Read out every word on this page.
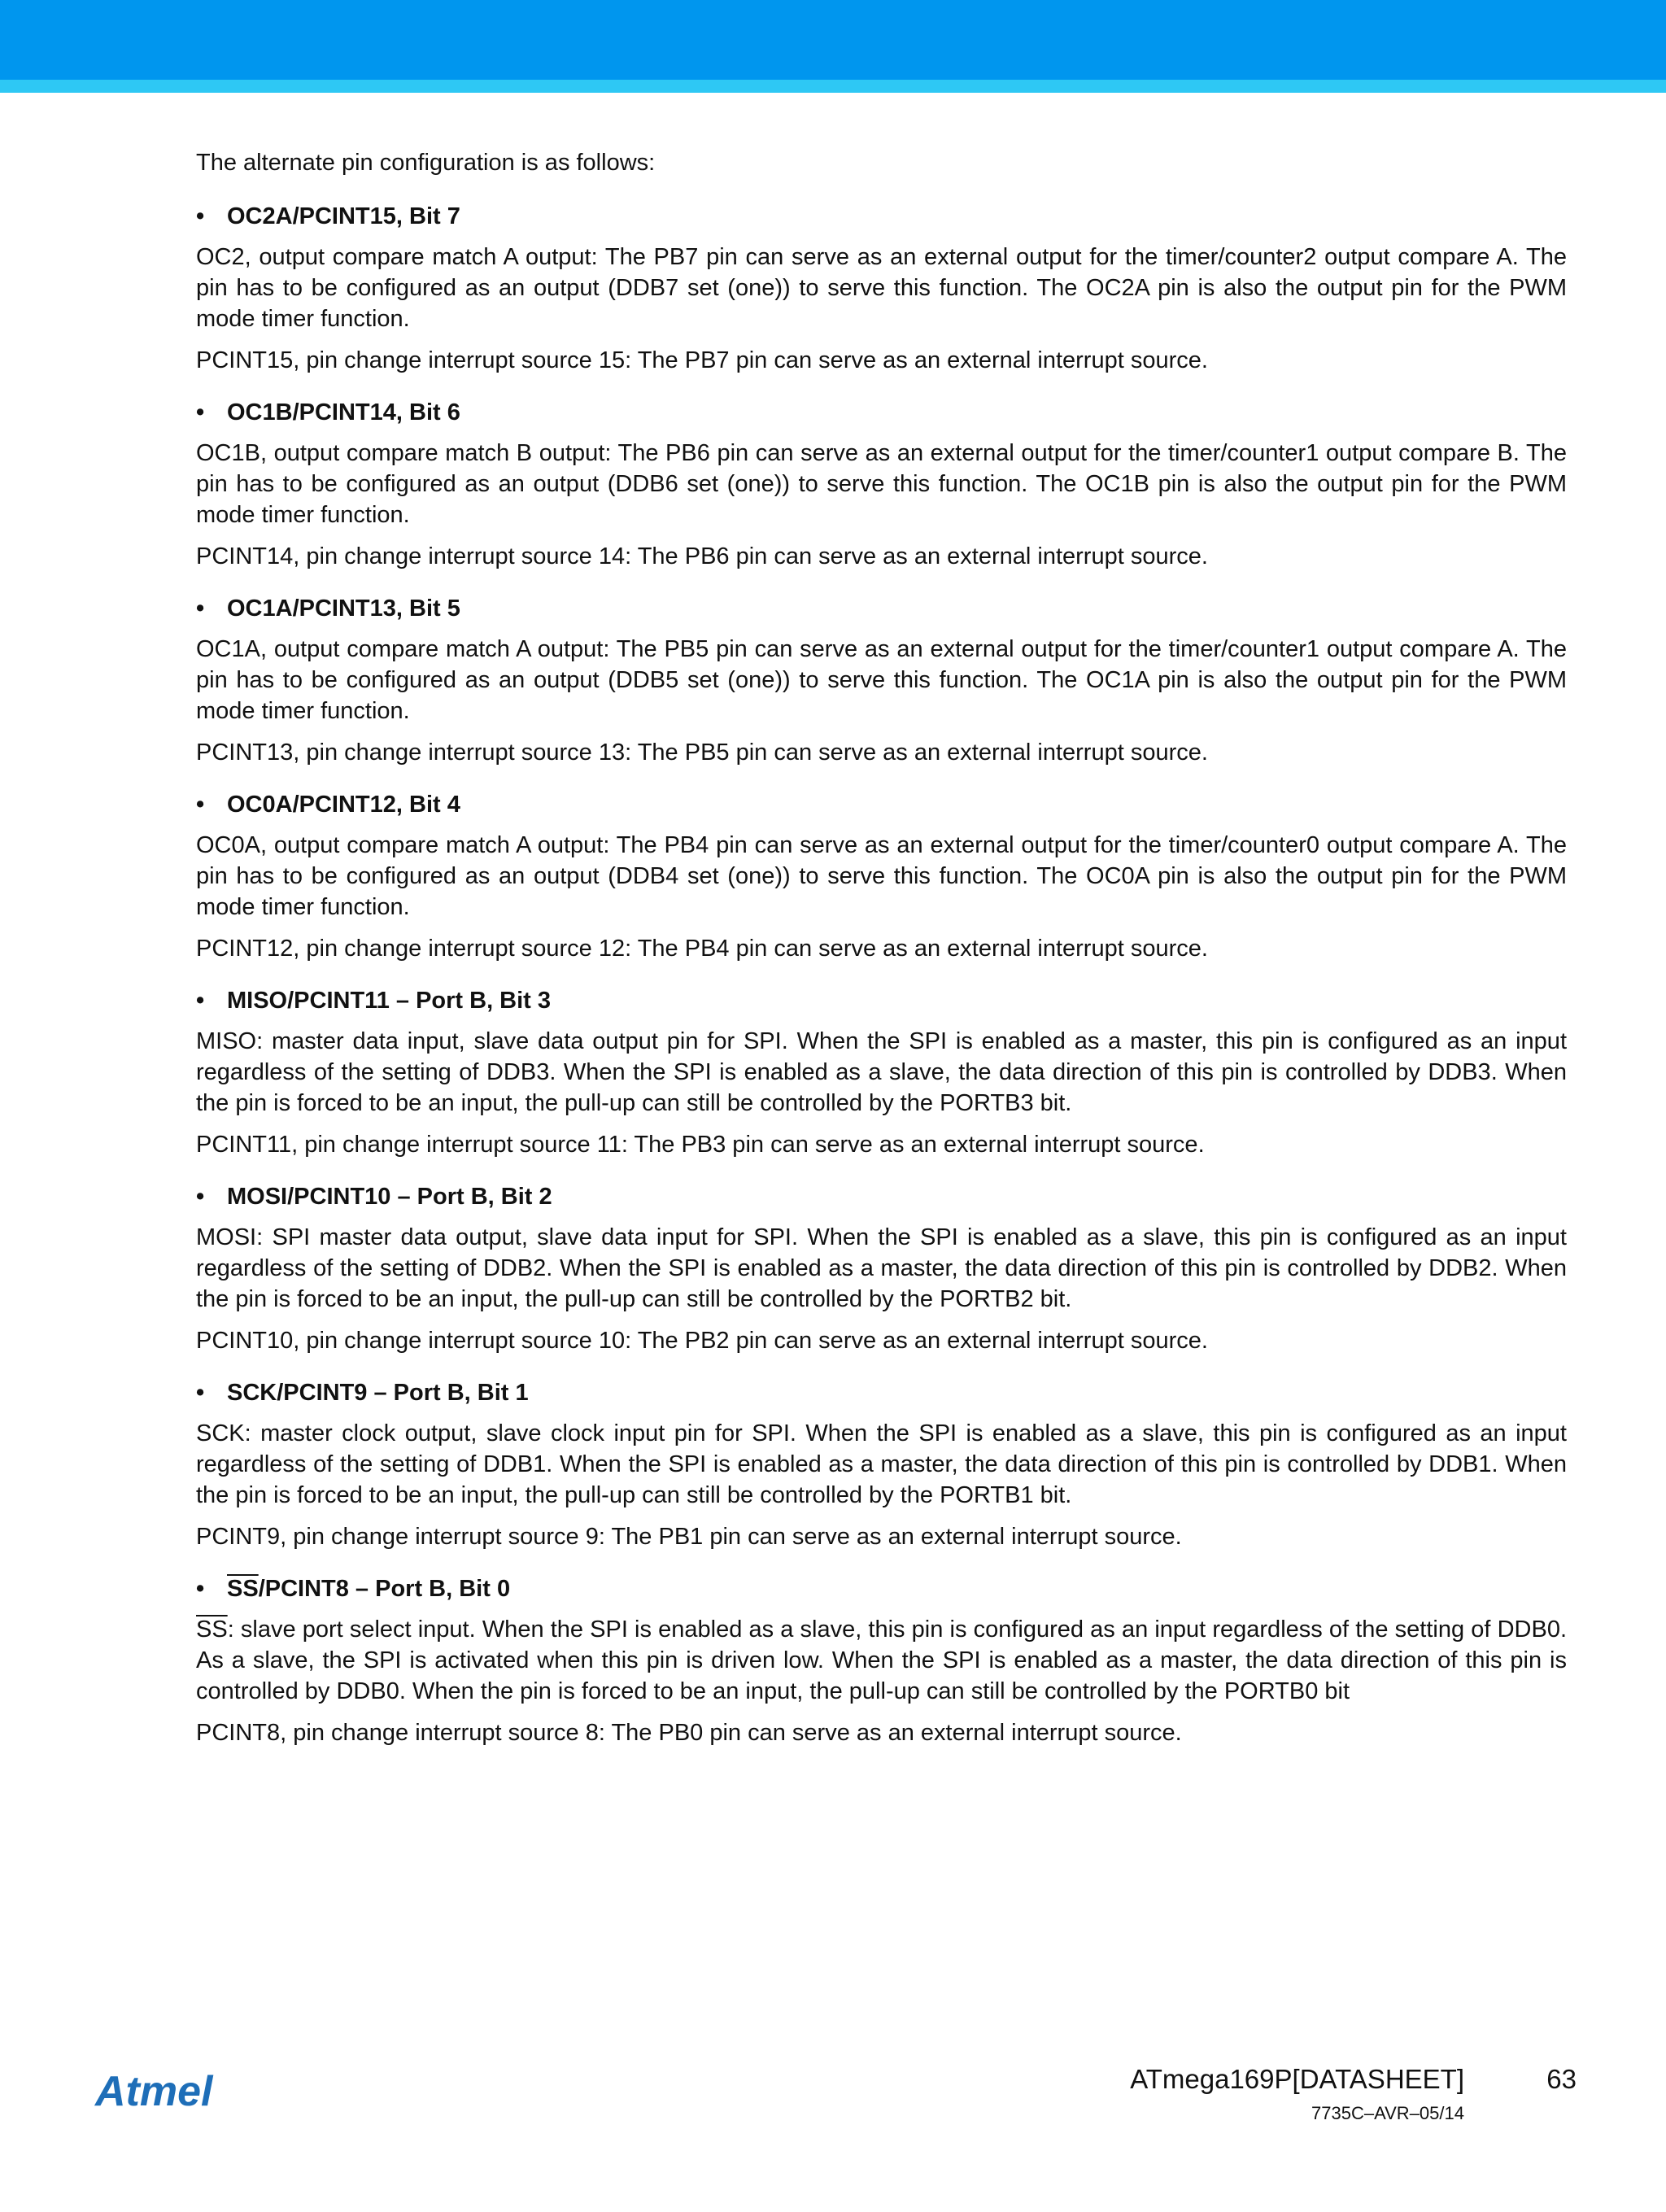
The alternate pin configuration is as follows:

• OC2A/PCINT15, Bit 7

OC2, output compare match A output: The PB7 pin can serve as an external output for the timer/counter2 output compare A. The pin has to be configured as an output (DDB7 set (one)) to serve this function. The OC2A pin is also the output pin for the PWM mode timer function.

PCINT15, pin change interrupt source 15: The PB7 pin can serve as an external interrupt source.

• OC1B/PCINT14, Bit 6

OC1B, output compare match B output: The PB6 pin can serve as an external output for the timer/counter1 output compare B. The pin has to be configured as an output (DDB6 set (one)) to serve this function. The OC1B pin is also the output pin for the PWM mode timer function.

PCINT14, pin change interrupt source 14: The PB6 pin can serve as an external interrupt source.

• OC1A/PCINT13, Bit 5

OC1A, output compare match A output: The PB5 pin can serve as an external output for the timer/counter1 output compare A. The pin has to be configured as an output (DDB5 set (one)) to serve this function. The OC1A pin is also the output pin for the PWM mode timer function.

PCINT13, pin change interrupt source 13: The PB5 pin can serve as an external interrupt source.

• OC0A/PCINT12, Bit 4

OC0A, output compare match A output: The PB4 pin can serve as an external output for the timer/counter0 output compare A. The pin has to be configured as an output (DDB4 set (one)) to serve this function. The OC0A pin is also the output pin for the PWM mode timer function.

PCINT12, pin change interrupt source 12: The PB4 pin can serve as an external interrupt source.

• MISO/PCINT11 – Port B, Bit 3

MISO: master data input, slave data output pin for SPI. When the SPI is enabled as a master, this pin is configured as an input regardless of the setting of DDB3. When the SPI is enabled as a slave, the data direction of this pin is controlled by DDB3. When the pin is forced to be an input, the pull-up can still be controlled by the PORTB3 bit.

PCINT11, pin change interrupt source 11: The PB3 pin can serve as an external interrupt source.

• MOSI/PCINT10 – Port B, Bit 2

MOSI: SPI master data output, slave data input for SPI. When the SPI is enabled as a slave, this pin is configured as an input regardless of the setting of DDB2. When the SPI is enabled as a master, the data direction of this pin is controlled by DDB2. When the pin is forced to be an input, the pull-up can still be controlled by the PORTB2 bit.

PCINT10, pin change interrupt source 10: The PB2 pin can serve as an external interrupt source.

• SCK/PCINT9 – Port B, Bit 1

SCK: master clock output, slave clock input pin for SPI. When the SPI is enabled as a slave, this pin is configured as an input regardless of the setting of DDB1. When the SPI is enabled as a master, the data direction of this pin is controlled by DDB1. When the pin is forced to be an input, the pull-up can still be controlled by the PORTB1 bit.

PCINT9, pin change interrupt source 9: The PB1 pin can serve as an external interrupt source.

• $\overline{SS}/PCINT8$ – Port B, Bit 0

$\overline{SS}$: slave port select input. When the SPI is enabled as a slave, this pin is configured as an input regardless of the setting of DDB0. As a slave, the SPI is activated when this pin is driven low. When the SPI is enabled as a master, the data direction of this pin is controlled by DDB0. When the pin is forced to be an input, the pull-up can still be controlled by the PORTB0 bit

PCINT8, pin change interrupt source 8: The PB0 pin can serve as an external interrupt source.

Atmel	ATmega169P[DATASHEET]	63
7735C–AVR–05/14
